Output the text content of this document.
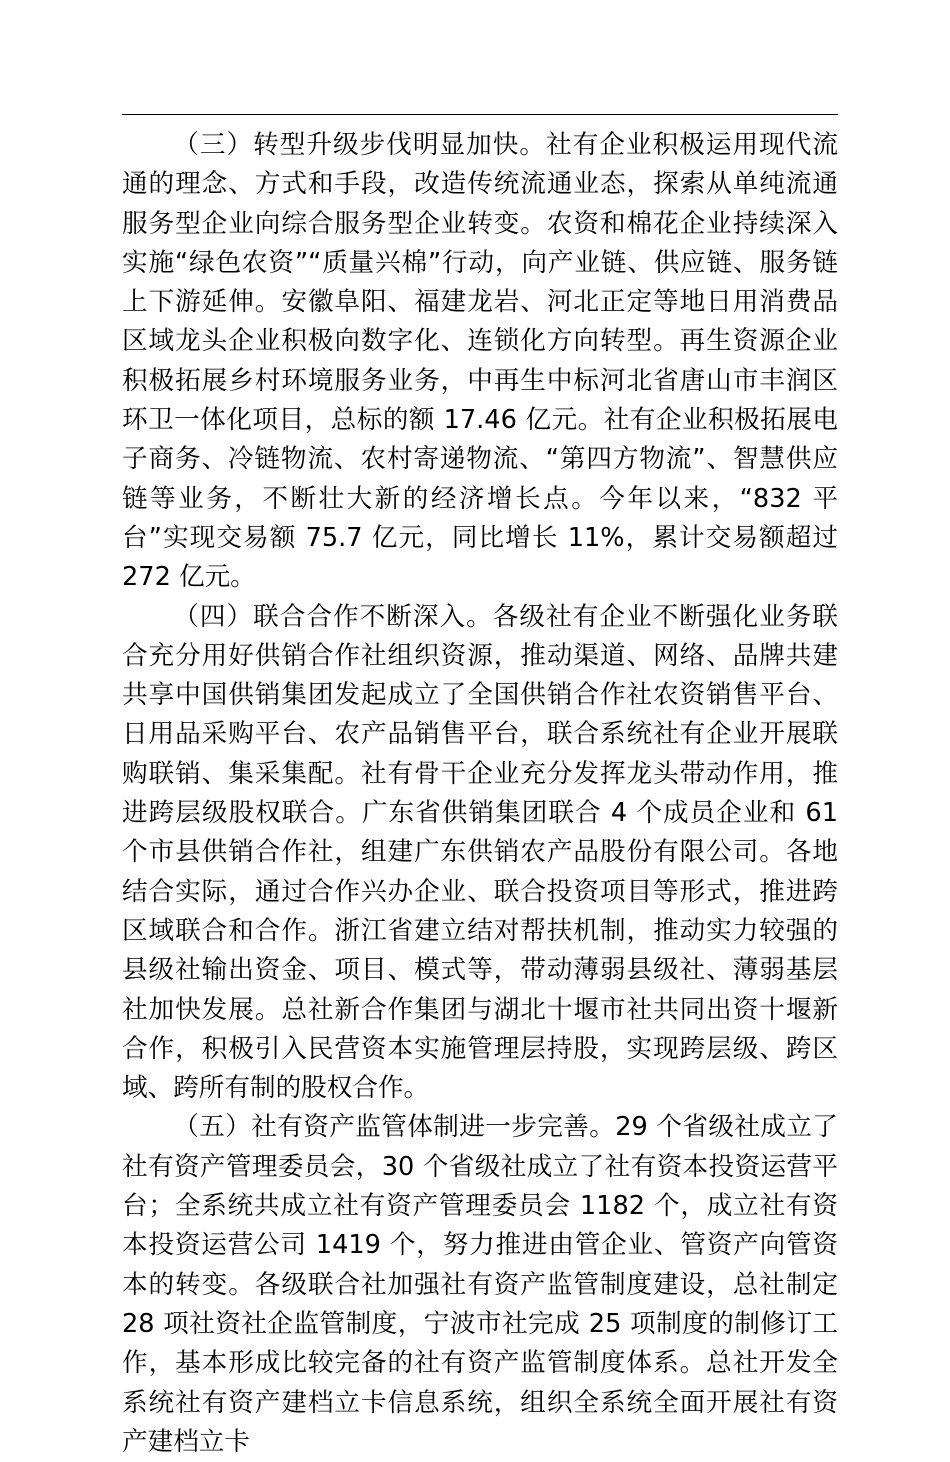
（三）转型升级步伐明显加快。社有企业积极运用现代流通的理念、方式和手段，改造传统流通业态，探索从单纯流通服务型企业向综合服务型企业转变。农资和棉花企业持续深入实施“绿色农资”“质量兴棉”行动，向产业链、供应链、服务链上下游延伸。安徽阜阳、福建龙岩、河北正定等地日用消费品区域龙头企业积极向数字化、连锁化方向转型。再生资源企业积极拓展乡村环境服务业务，中再生中标河北省唐山市丰润区环卫一体化项目，总标的额 17.46 亿元。社有企业积极拓展电子商务、冷链物流、农村寄递物流、“第四方物流”、智慧供应链等业务，不断壮大新的经济增长点。今年以来，“832 平台”实现交易额 75.7 亿元，同比增长 11%，累计交易额超过 272 亿元。

（四）联合合作不断深入。各级社有企业不断强化业务联合充分用好供销合作社组织资源，推动渠道、网络、品牌共建共享中国供销集团发起成立了全国供销合作社农资销售平台、日用品采购平台、农产品销售平台，联合系统社有企业开展联购联销、集采集配。社有骨干企业充分发挥龙头带动作用，推进跨层级股权联合。广东省供销集团联合 4 个成员企业和 61 个市县供销合作社，组建广东供销农产品股份有限公司。各地结合实际，通过合作兴办企业、联合投资项目等形式，推进跨区域联合和合作。浙江省建立结对帮扶机制，推动实力较强的县级社输出资金、项目、模式等，带动薄弱县级社、薄弱基层社加快发展。总社新合作集团与湖北十堰市社共同出资十堰新合作，积极引入民营资本实施管理层持股，实现跨层级、跨区域、跨所有制的股权合作。

（五）社有资产监管体制进一步完善。29 个省级社成立了社有资产管理委员会，30 个省级社成立了社有资本投资运营平台；全系统共成立社有资产管理委员会 1182 个，成立社有资本投资运营公司 1419 个，努力推进由管企业、管资产向管资本的转变。各级联合社加强社有资产监管制度建设，总社制定 28 项社资社企监管制度，宁波市社完成 25 项制度的制修订工作，基本形成比较完备的社有资产监管制度体系。总社开发全系统社有资产建档立卡信息系统，组织全系统全面开展社有资产建档立卡
